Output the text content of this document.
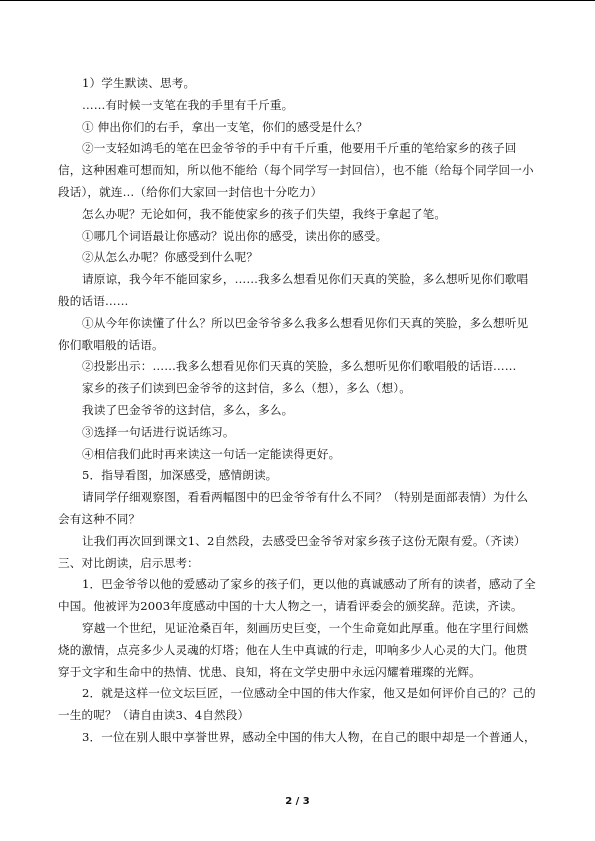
1）学生默读、思考。
……有时候一支笔在我的手里有千斤重。
① 伸出你们的右手，拿出一支笔，你们的感受是什么？
②一支轻如鸿毛的笔在巴金爷爷的手中有千斤重，他要用千斤重的笔给家乡的孩子回
信，这种困难可想而知，所以他不能给（每个同学写一封回信），也不能（给每个同学回一小
段话），就连…（给你们大家回一封信也十分吃力）
怎么办呢？无论如何，我不能使家乡的孩子们失望，我终于拿起了笔。
①哪几个词语最让你感动？说出你的感受，读出你的感受。
②从怎么办呢？你感受到什么呢？
请原谅，我今年不能回家乡，……我多么想看见你们天真的笑脸，多么想听见你们歌唱
般的话语……
①从今年你读懂了什么？所以巴金爷爷多么我多么想看见你们天真的笑脸，多么想听见
你们歌唱般的话语。
②投影出示：……我多么想看见你们天真的笑脸，多么想听见你们歌唱般的话语……
家乡的孩子们读到巴金爷爷的这封信，多么（想），多么（想）。
我读了巴金爷爷的这封信，多么，多么。
③选择一句话进行说话练习。
④相信我们此时再来读这一句话一定能读得更好。
5．指导看图，加深感受，感情朗读。
请同学仔细观察图，看看两幅图中的巴金爷爷有什么不同？（特别是面部表情）为什么
会有这种不同？
让我们再次回到课文1、2自然段，去感受巴金爷爷对家乡孩子这份无限有爱。（齐读）
三、对比朗读，启示思考：
1．巴金爷爷以他的爱感动了家乡的孩子们，更以他的真诚感动了所有的读者，感动了全
中国。他被评为2003年度感动中国的十大人物之一，请看评委会的颁奖辞。范读，齐读。
穿越一个世纪，见证沧桑百年，刻画历史巨变，一个生命竟如此厚重。他在字里行间燃
烧的激情，点亮多少人灵魂的灯塔；他在人生中真诚的行走，叩响多少人心灵的大门。他贯
穿于文字和生命中的热情、忧患、良知，将在文学史册中永远闪耀着璀璨的光辉。
2．就是这样一位文坛巨匠，一位感动全中国的伟大作家，他又是如何评价自己的？己的
一生的呢？（请自由读3、4自然段）
3．一位在别人眼中享誉世界，感动全中国的伟大人物，在自己的眼中却是一个普通人，
2 / 3
